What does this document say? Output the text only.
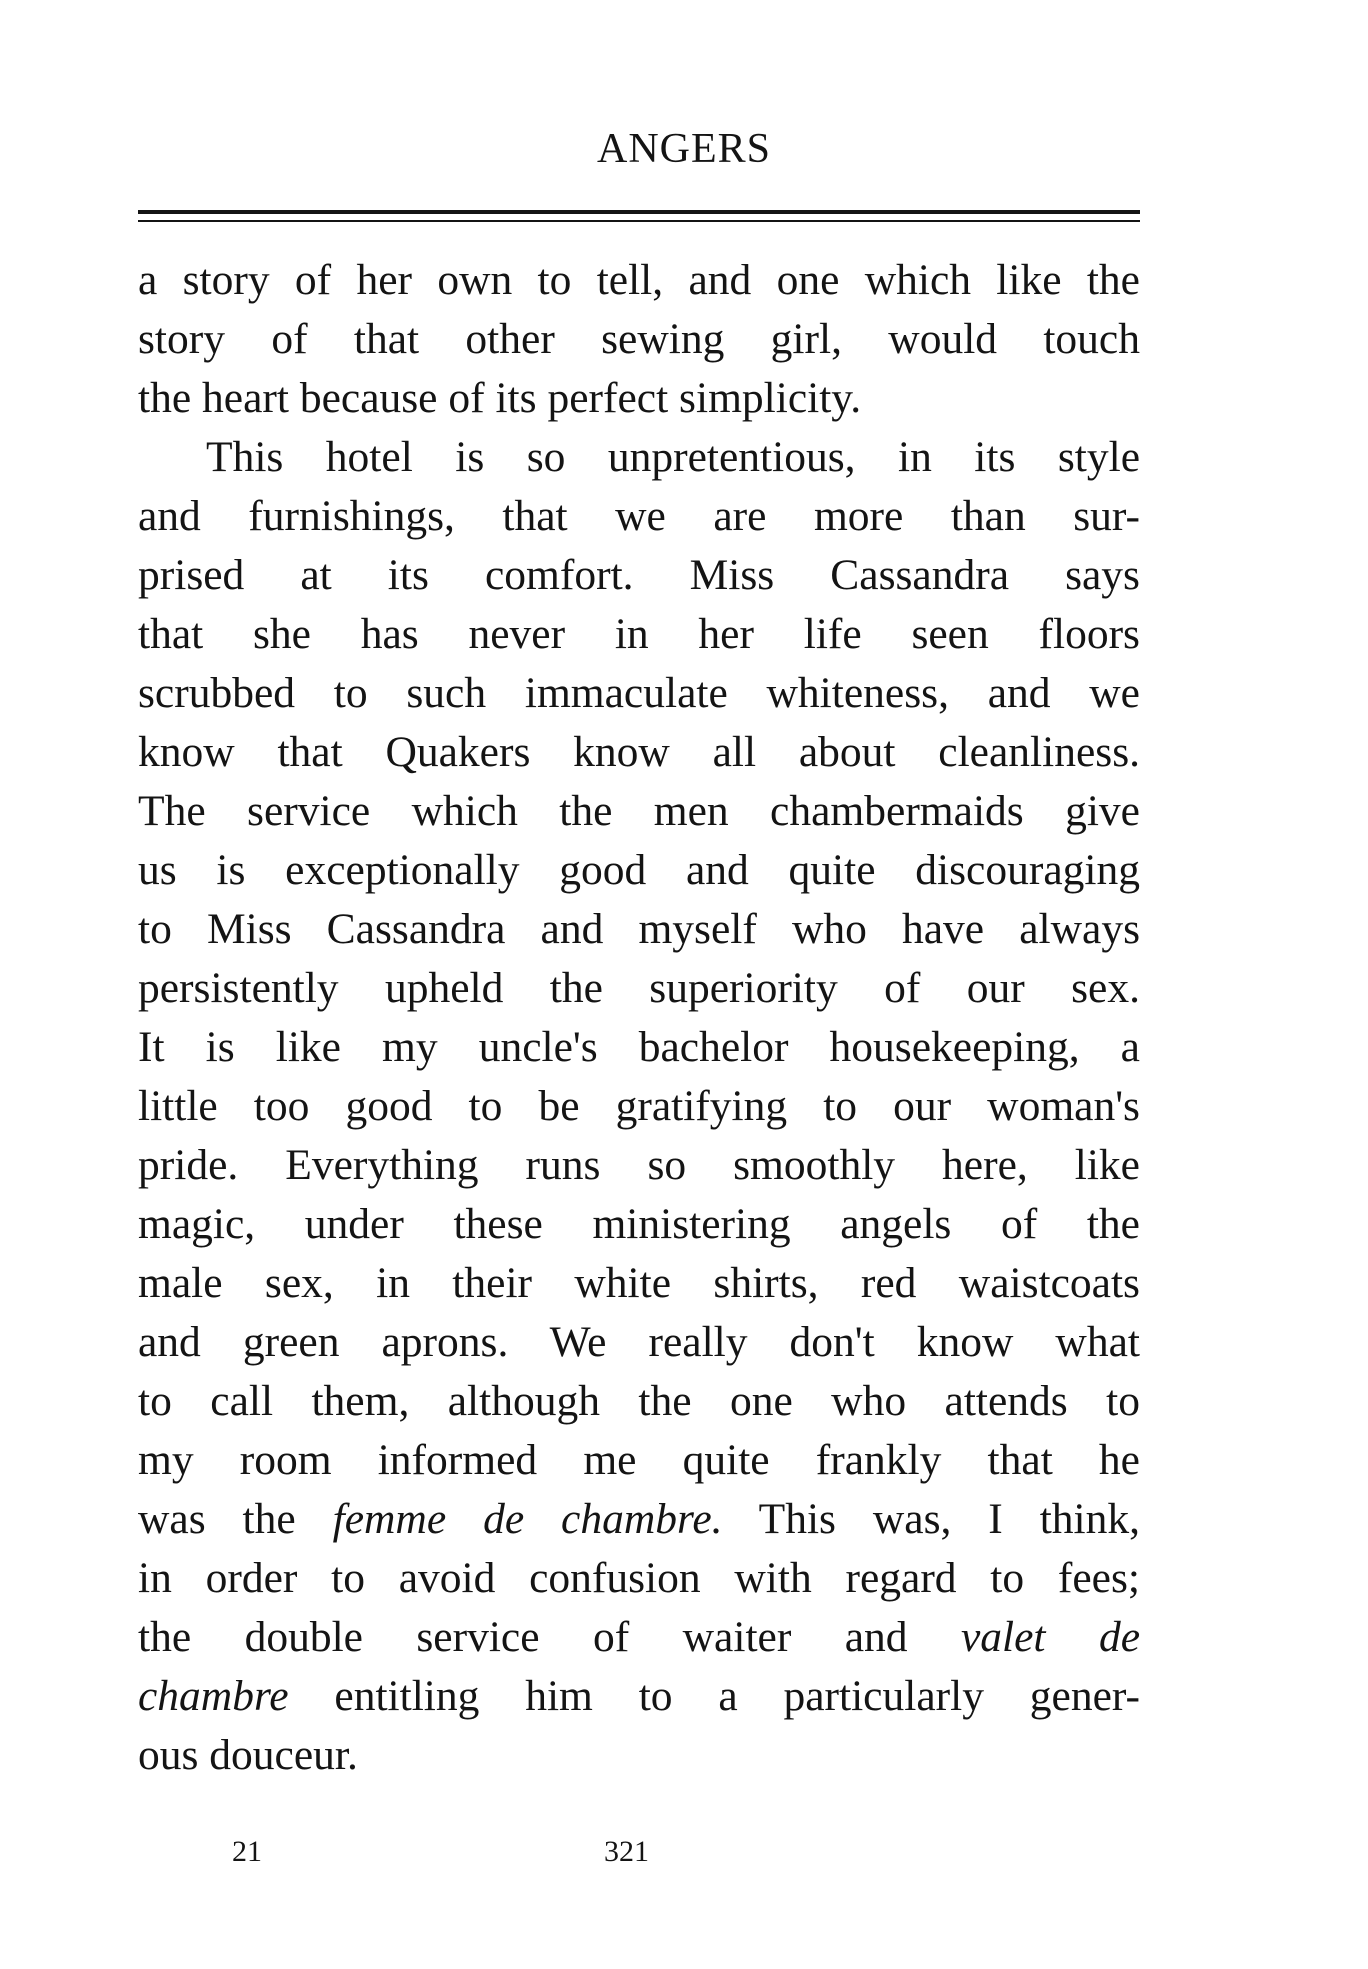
ANGERS
a story of her own to tell, and one which like the
story of that other sewing girl, would touch
the heart because of its perfect simplicity.
This hotel is so unpretentious, in its style
and furnishings, that we are more than sur-
prised at its comfort. Miss Cassandra says
that she has never in her life seen floors
scrubbed to such immaculate whiteness, and we
know that Quakers know all about cleanliness.
The service which the men chambermaids give
us is exceptionally good and quite discouraging
to Miss Cassandra and myself who have always
persistently upheld the superiority of our sex.
It is like my uncle's bachelor housekeeping, a
little too good to be gratifying to our woman's
pride. Everything runs so smoothly here, like
magic, under these ministering angels of the
male sex, in their white shirts, red waistcoats
and green aprons. We really don't know what
to call them, although the one who attends to
my room informed me quite frankly that he
was the femme de chambre. This was, I think,
in order to avoid confusion with regard to fees;
the double service of waiter and valet de
chambre entitling him to a particularly gener-
ous douceur.
21	321
